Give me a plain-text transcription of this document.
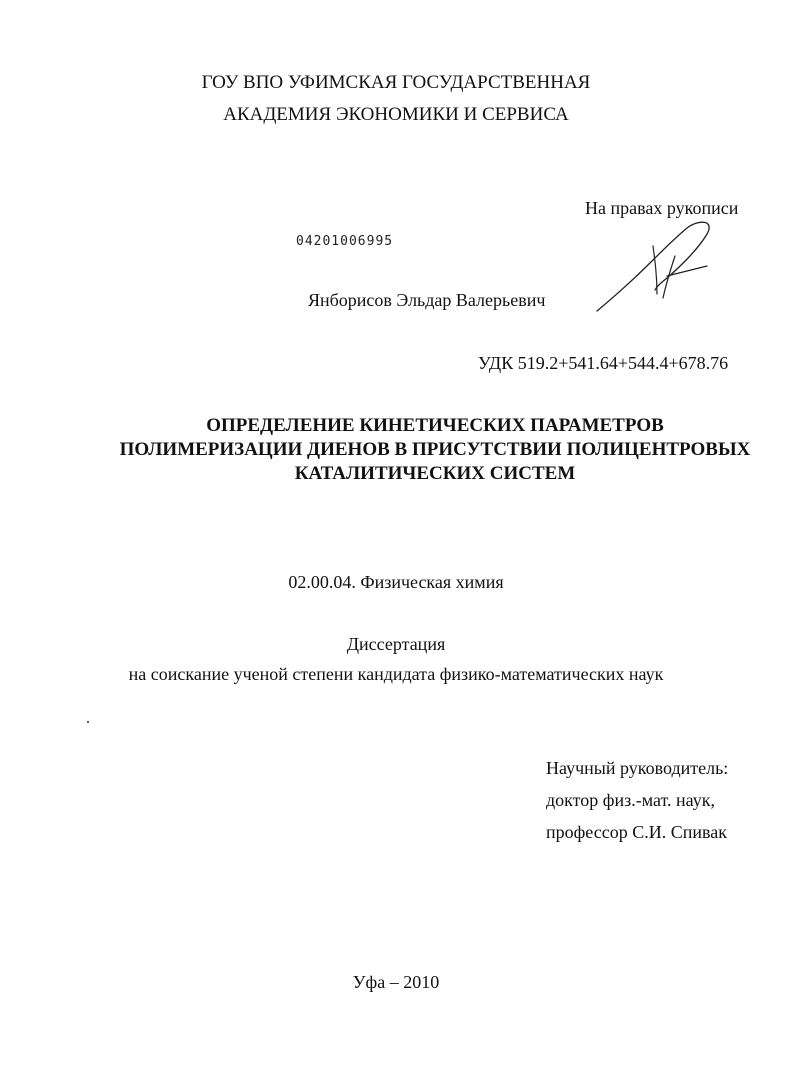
ГОУ ВПО УФИМСКАЯ ГОСУДАРСТВЕННАЯ
АКАДЕМИЯ ЭКОНОМИКИ И СЕРВИСА
На правах рукописи
04201006995
Янборисов Эльдар Валерьевич
УДК 519.2+541.64+544.4+678.76
ОПРЕДЕЛЕНИЕ КИНЕТИЧЕСКИХ ПАРАМЕТРОВ
ПОЛИМЕРИЗАЦИИ ДИЕНОВ В ПРИСУТСТВИИ ПОЛИЦЕНТРОВЫХ
КАТАЛИТИЧЕСКИХ СИСТЕМ
02.00.04. Физическая химия
Диссертация
на соискание ученой степени кандидата физико-математических наук
Научный руководитель:
доктор физ.-мат. наук,
профессор С.И. Спивак
Уфа – 2010
